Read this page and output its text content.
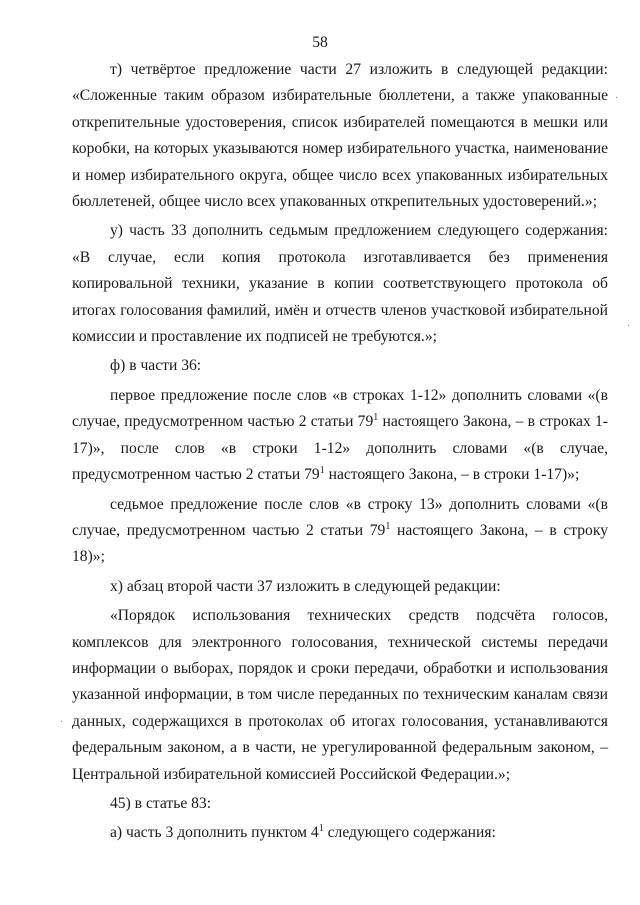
58

т) четвёртое предложение части 27 изложить в следующей редакции: «Сложенные таким образом избирательные бюллетени, а также упакованные открепительные удостоверения, список избирателей помещаются в мешки или коробки, на которых указываются номер избирательного участка, наименование и номер избирательного округа, общее число всех упакованных избирательных бюллетеней, общее число всех упакованных открепительных удостоверений.»;

у) часть 33 дополнить седьмым предложением следующего содержания: «В случае, если копия протокола изготавливается без применения копировальной техники, указание в копии соответствующего протокола об итогах голосования фамилий, имён и отчеств членов участковой избирательной комиссии и проставление их подписей не требуются.»;

ф) в части 36:

первое предложение после слов «в строках 1-12» дополнить словами «(в случае, предусмотренном частью 2 статьи $79^1$ настоящего Закона, – в строках 1-17)», после слов «в строки 1-12» дополнить словами «(в случае, предусмотренном частью 2 статьи $79^1$ настоящего Закона, – в строки 1-17)»;

седьмое предложение после слов «в строку 13» дополнить словами «(в случае, предусмотренном частью 2 статьи $79^1$ настоящего Закона, – в строку 18)»;

х) абзац второй части 37 изложить в следующей редакции:

«Порядок использования технических средств подсчёта голосов, комплексов для электронного голосования, технической системы передачи информации о выборах, порядок и сроки передачи, обработки и использования указанной информации, в том числе переданных по техническим каналам связи данных, содержащихся в протоколах об итогах голосования, устанавливаются федеральным законом, а в части, не урегулированной федеральным законом, – Центральной избирательной комиссией Российской Федерации.»;

45) в статье 83:

а) часть 3 дополнить пунктом $4^1$ следующего содержания:

·
·
·
